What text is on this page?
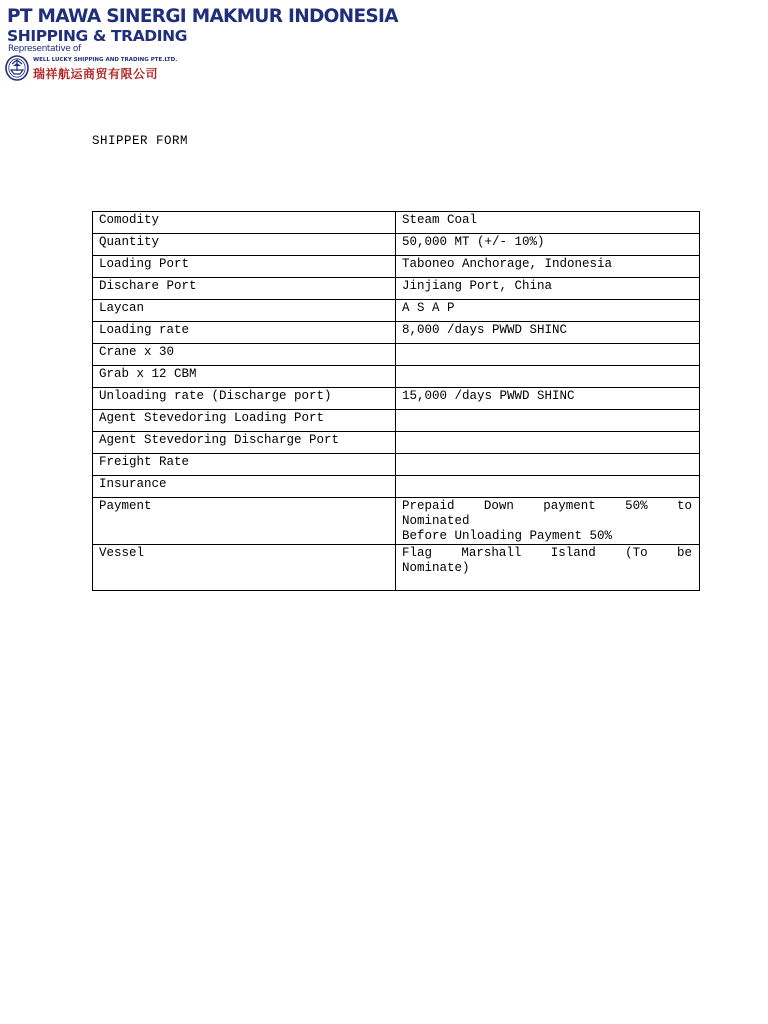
PT MAWA SINERGI MAKMUR INDONESIA
SHIPPING & TRADING
Representative of
WELL LUCKY SHIPPING AND TRADING PTE.LTD.
瑞祥航运商贸有限公司
SHIPPER FORM
Comodity	Steam Coal
Quantity	50,000 MT (+/- 10%)
Loading Port	Taboneo Anchorage, Indonesia
Dischare Port	Jinjiang Port, China
Laycan	A S A P
Loading rate	8,000 /days PWWD SHINC
Crane x 30	
Grab x 12 CBM	
Unloading rate (Discharge port)	15,000 /days PWWD SHINC
Agent Stevedoring Loading Port	
Agent Stevedoring Discharge Port	
Freight Rate	
Insurance	
Payment	Prepaid Down payment 50% to
Nominated
Before Unloading Payment 50%

Vessel	Flag Marshall Island (To be
Nominate)
